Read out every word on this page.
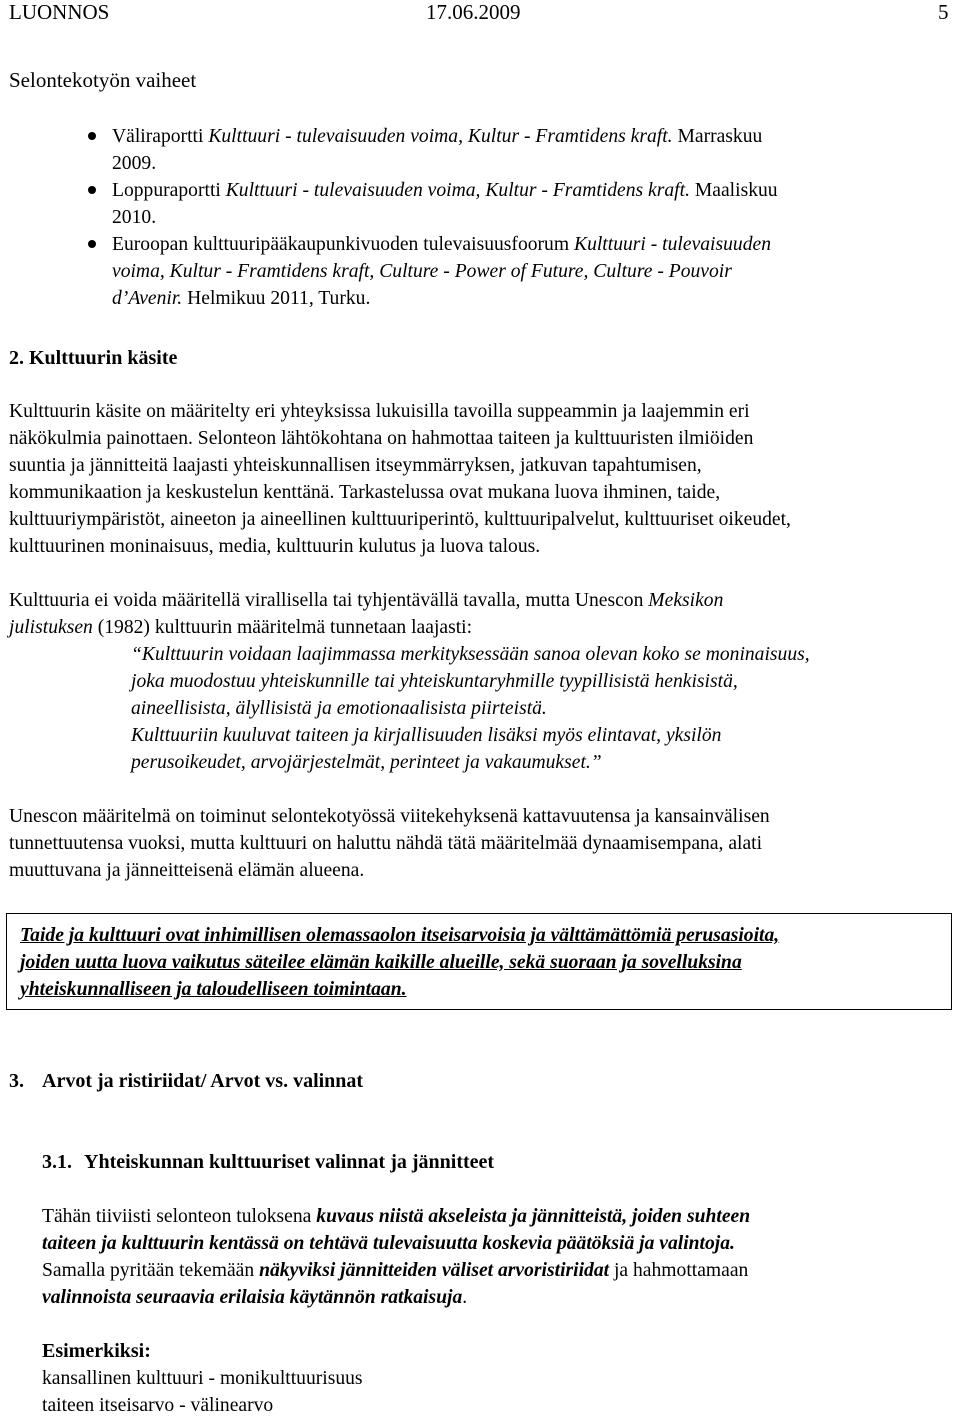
LUONNOS	17.06.2009	5
Selontekotyön vaiheet
Väliraportti Kulttuuri - tulevaisuuden voima, Kultur - Framtidens kraft. Marraskuu
2009.
Loppuraportti Kulttuuri - tulevaisuuden voima, Kultur - Framtidens kraft. Maaliskuu
2010.
Euroopan kulttuuripääkaupunkivuoden tulevaisuusfoorum Kulttuuri - tulevaisuuden
voima, Kultur - Framtidens kraft, Culture - Power of Future, Culture - Pouvoir
d’Avenir. Helmikuu 2011, Turku.
2. Kulttuurin käsite
Kulttuurin käsite on määritelty eri yhteyksissa lukuisilla tavoilla suppeammin ja laajemmin eri
näkökulmia painottaen. Selonteon lähtökohtana on hahmottaa taiteen ja kulttuuristen ilmiöiden
suuntia ja jännitteitä laajasti yhteiskunnallisen itseymmärryksen, jatkuvan tapahtumisen,
kommunikaation ja keskustelun kenttänä. Tarkastelussa ovat mukana luova ihminen, taide,
kulttuuriympäristöt, aineeton ja aineellinen kulttuuriperintö, kulttuuripalvelut, kulttuuriset oikeudet,
kulttuurinen moninaisuus, media, kulttuurin kulutus ja luova talous.
Kulttuuria ei voida määritellä virallisella tai tyhjentävällä tavalla, mutta Unescon Meksikon
julistuksen (1982) kulttuurin määritelmä tunnetaan laajasti:
“Kulttuurin voidaan laajimmassa merkityksessään sanoa olevan koko se moninaisuus,
joka muodostuu yhteiskunnille tai yhteiskuntaryhmille tyypillisistä henkisistä,
aineellisista, älyllisistä ja emotionaalisista piirteistä.
Kulttuuriin kuuluvat taiteen ja kirjallisuuden lisäksi myös elintavat, yksilön
perusoikeudet, arvojärjestelmät, perinteet ja vakaumukset.”
Unescon määritelmä on toiminut selontekotyössä viitekehyksenä kattavuutensa ja kansainvälisen
tunnettuutensa vuoksi, mutta kulttuuri on haluttu nähdä tätä määritelmää dynaamisempana, alati
muuttuvana ja jänneitteisenä elämän alueena.
Taide ja kulttuuri ovat inhimillisen olemassaolon itseisarvoisia ja välttämättömiä perusasioita,
joiden uutta luova vaikutus säteilee elämän kaikille alueille, sekä suoraan ja sovelluksina
yhteiskunnalliseen ja taloudelliseen toimintaan.
3. Arvot ja ristiriidat/ Arvot vs. valinnat
3.1. Yhteiskunnan kulttuuriset valinnat ja jännitteet
Tähän tiiviisti selonteon tuloksena kuvaus niistä akseleista ja jännitteistä, joiden suhteen
taiteen ja kulttuurin kentässä on tehtävä tulevaisuutta koskevia päätöksiä ja valintoja.
Samalla pyritään tekemään näkyviksi jännitteiden väliset arvoristiriidat ja hahmottamaan
valinnoista seuraavia erilaisia käytännön ratkaisuja.
Esimerkiksi:
kansallinen kulttuuri - monikulttuurisuus
taiteen itseisarvo - välinearvo
